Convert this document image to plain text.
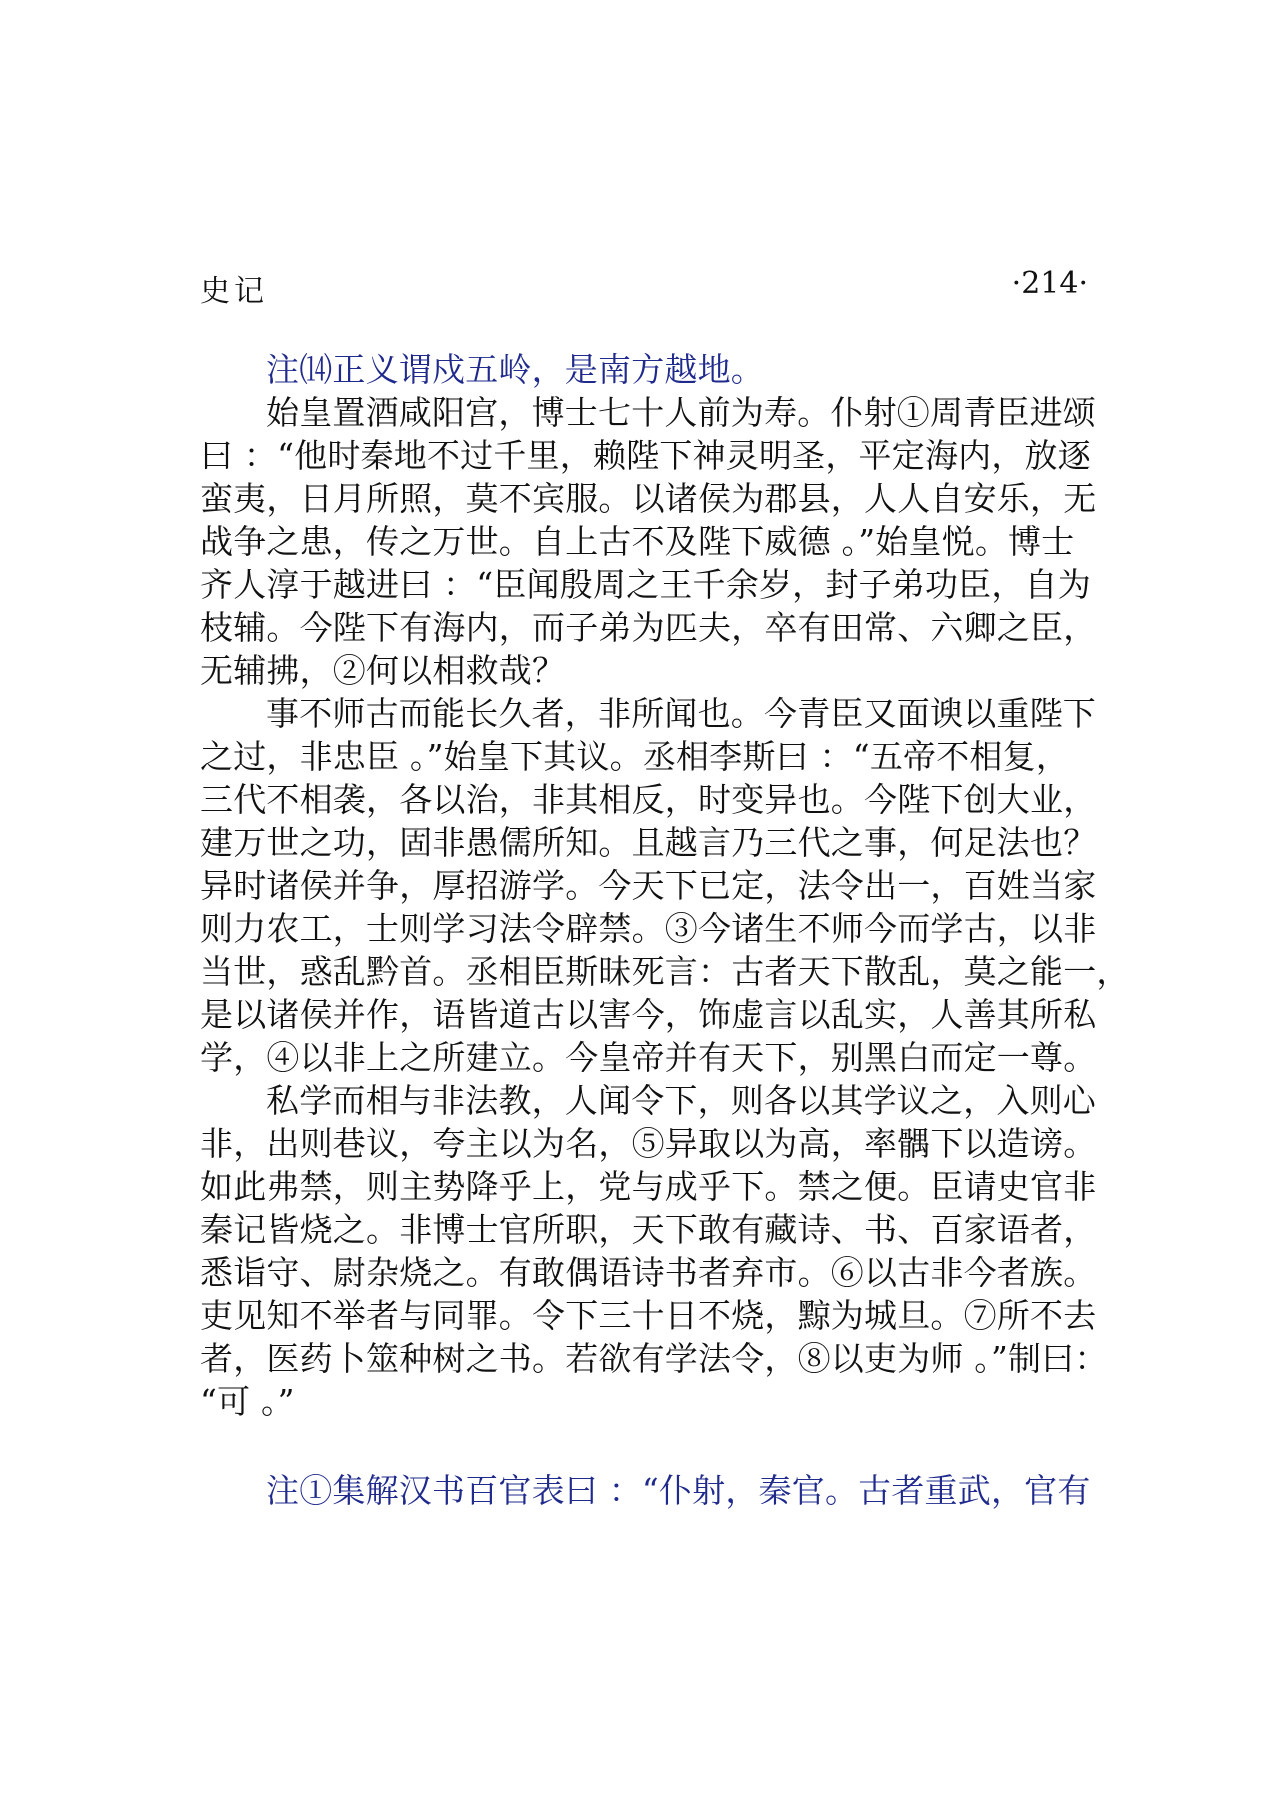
史记	·214·
注⒁正义谓戍五岭，是南方越地。
始皇置酒咸阳宫，博士七十人前为寿。仆射①周青臣进颂
曰 ：“他时秦地不过千里，赖陛下神灵明圣，平定海内，放逐
蛮夷，日月所照，莫不宾服。以诸侯为郡县，人人自安乐，无
战争之患，传之万世。自上古不及陛下威德 。”始皇悦。博士
齐人淳于越进曰 ：“臣闻殷周之王千余岁，封子弟功臣，自为
枝辅。今陛下有海内，而子弟为匹夫，卒有田常、六卿之臣，
无辅拂，②何以相救哉？
事不师古而能长久者，非所闻也。今青臣又面谀以重陛下
之过，非忠臣 。”始皇下其议。丞相李斯曰 ：“五帝不相复，
三代不相袭，各以治，非其相反，时变异也。今陛下创大业，
建万世之功，固非愚儒所知。且越言乃三代之事，何足法也？
异时诸侯并争，厚招游学。今天下已定，法令出一，百姓当家
则力农工，士则学习法令辟禁。③今诸生不师今而学古，以非
当世，惑乱黔首。丞相臣斯昧死言：古者天下散乱，莫之能一，
是以诸侯并作，语皆道古以害今，饰虚言以乱实，人善其所私
学，④以非上之所建立。今皇帝并有天下，别黑白而定一尊。
私学而相与非法教，人闻令下，则各以其学议之，入则心
非，出则巷议，夸主以为名，⑤异取以为高，率髃下以造谤。
如此弗禁，则主势降乎上，党与成乎下。禁之便。臣请史官非
秦记皆烧之。非博士官所职，天下敢有藏诗、书、百家语者，
悉诣守、尉杂烧之。有敢偶语诗书者弃市。⑥以古非今者族。
吏见知不举者与同罪。令下三十日不烧，黥为城旦。⑦所不去
者，医药卜筮种树之书。若欲有学法令，⑧以吏为师 。”制曰：
“可 。”
注①集解汉书百官表曰 ：“仆射，秦官。古者重武，官有
